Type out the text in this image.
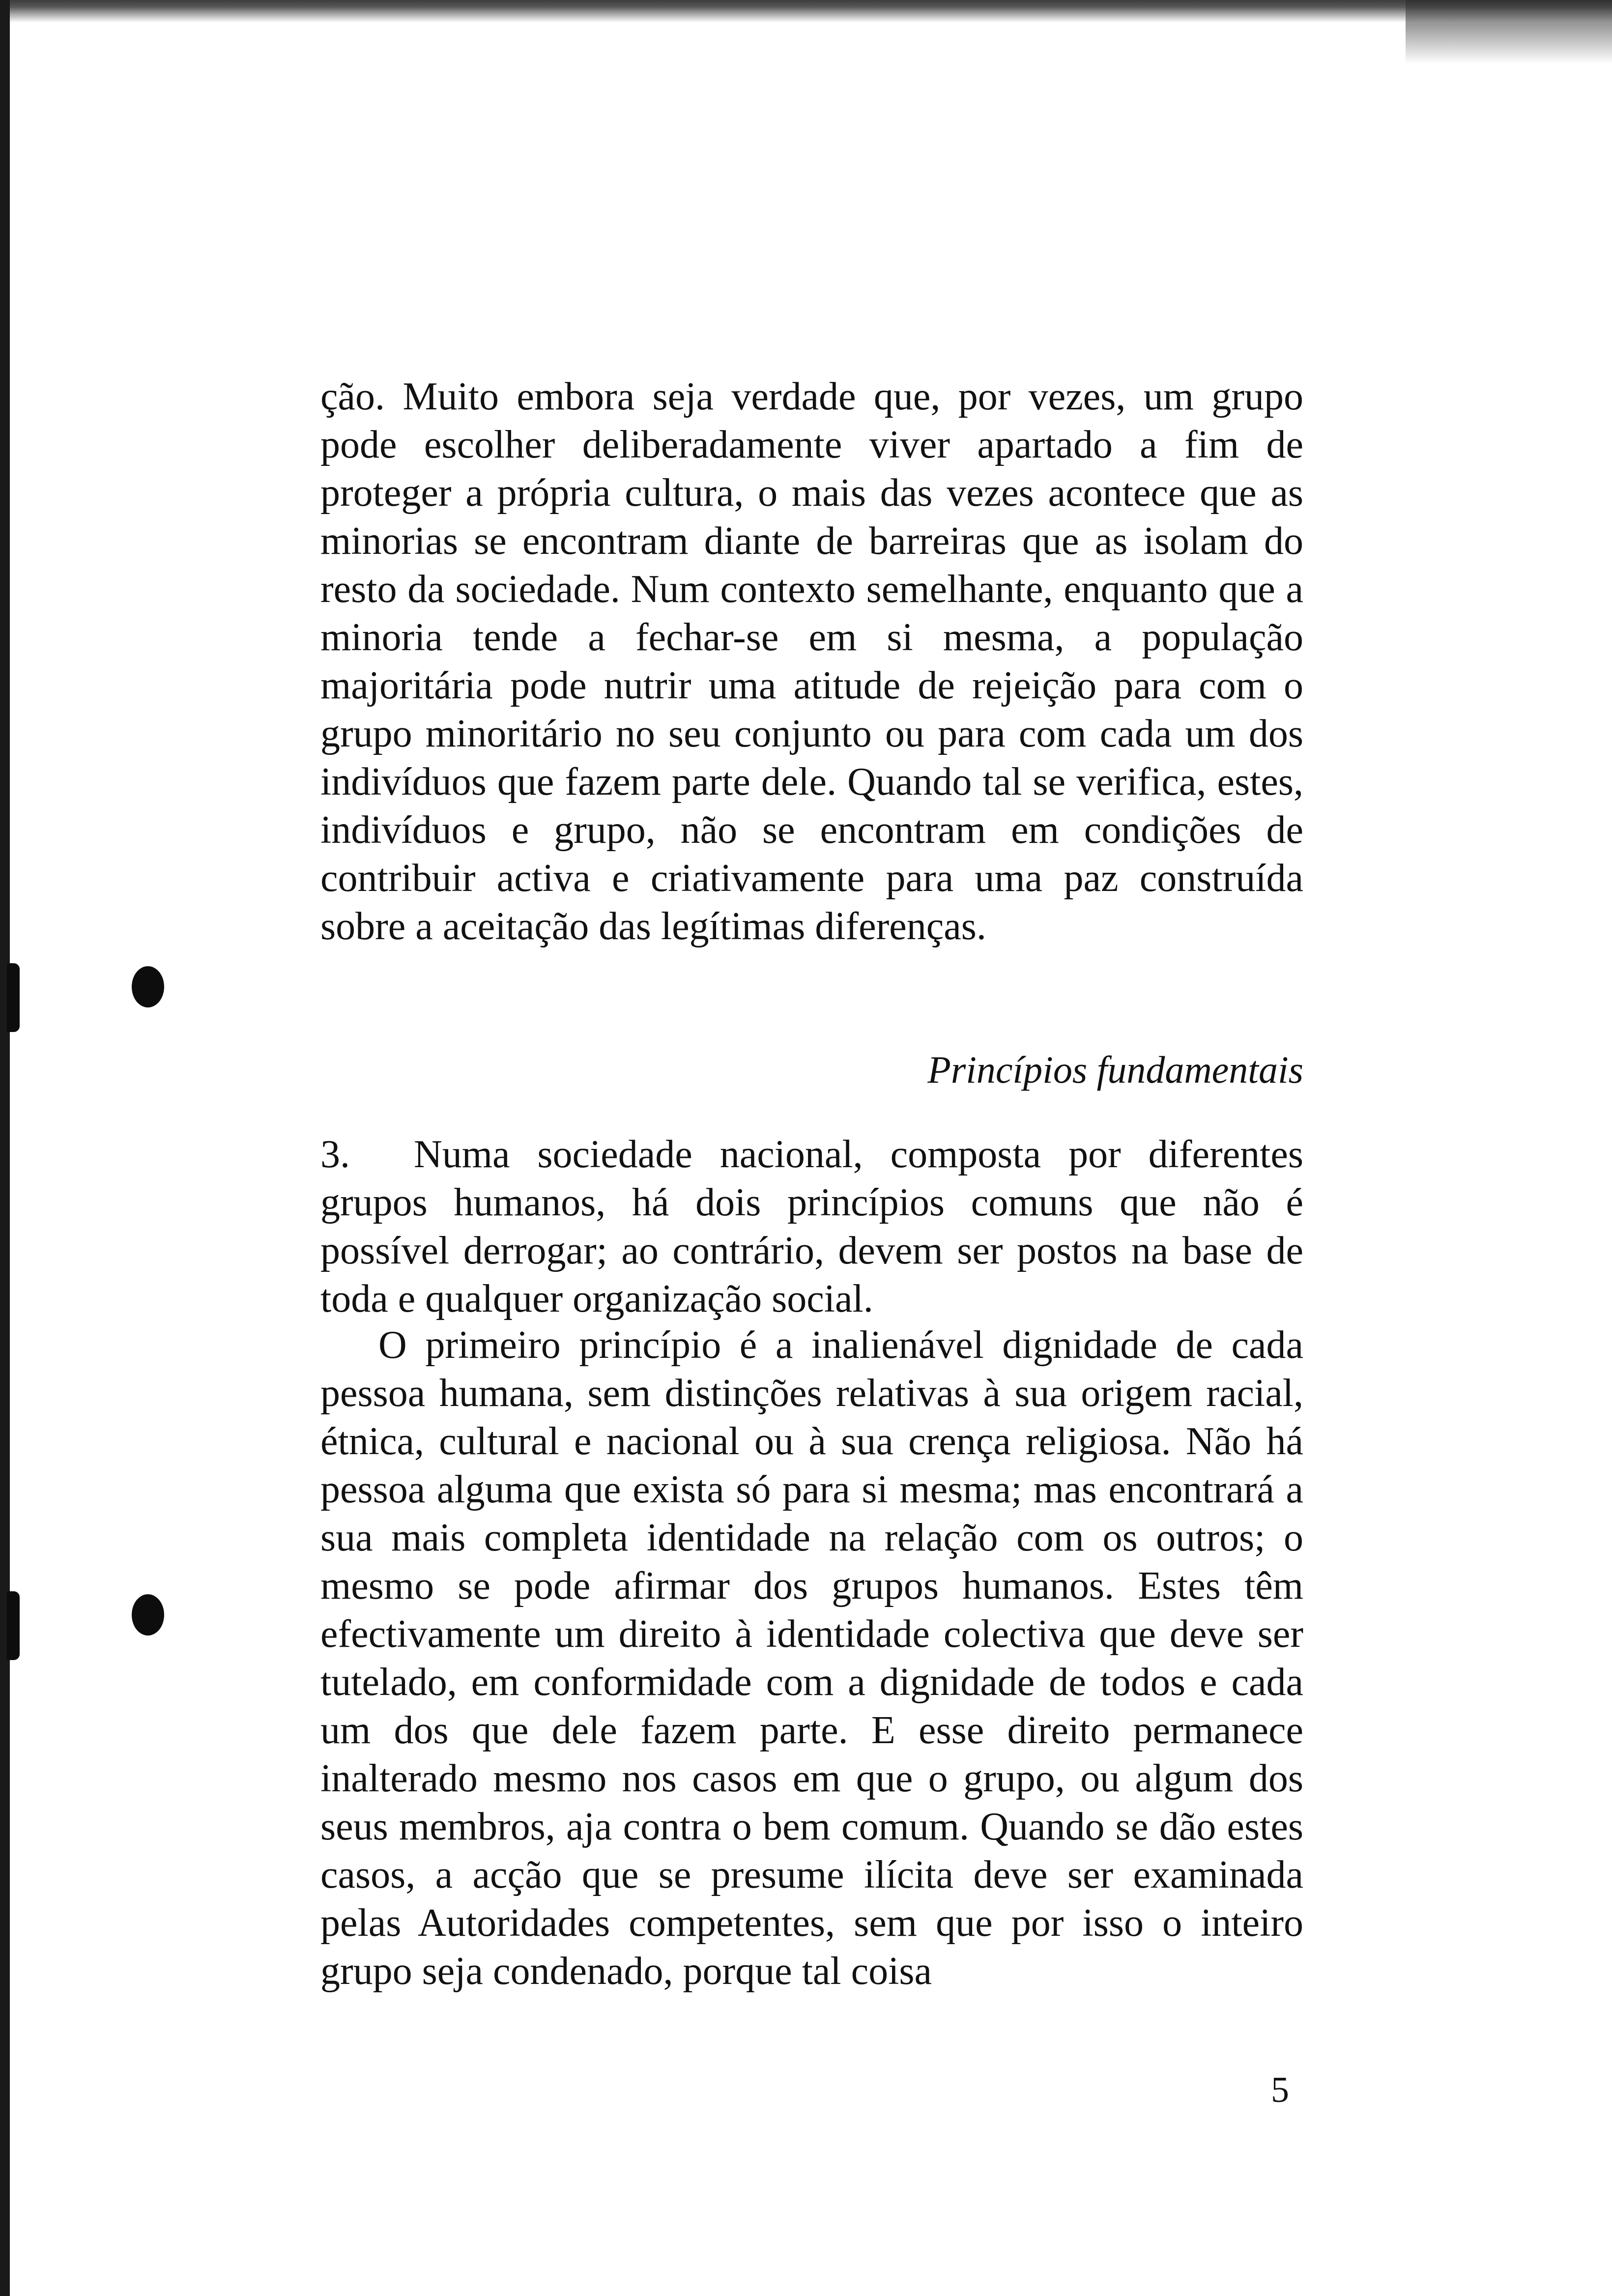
ção. Muito embora seja verdade que, por vezes, um grupo pode escolher deliberadamente viver apartado a fim de proteger a própria cultura, o mais das vezes acontece que as minorias se encontram diante de barreiras que as isolam do resto da sociedade. Num contexto semelhante, enquanto que a minoria tende a fechar-se em si mesma, a população majoritária pode nutrir uma atitude de rejeição para com o grupo minoritário no seu conjunto ou para com cada um dos indivíduos que fazem parte dele. Quando tal se verifica, estes, indivíduos e grupo, não se encontram em condições de contribuir activa e criativamente para uma paz construída sobre a aceitação das legítimas diferenças.

Princípios fundamentais

3. Numa sociedade nacional, composta por diferentes grupos humanos, há dois princípios comuns que não é possível derrogar; ao contrário, devem ser postos na base de toda e qualquer organização social.

O primeiro princípio é a inalienável dignidade de cada pessoa humana, sem distinções relativas à sua origem racial, étnica, cultural e nacional ou à sua crença religiosa. Não há pessoa alguma que exista só para si mesma; mas encontrará a sua mais completa identidade na relação com os outros; o mesmo se pode afirmar dos grupos humanos. Estes têm efectivamente um direito à identidade colectiva que deve ser tutelado, em conformidade com a dignidade de todos e cada um dos que dele fazem parte. E esse direito permanece inalterado mesmo nos casos em que o grupo, ou algum dos seus membros, aja contra o bem comum. Quando se dão estes casos, a acção que se presume ilícita deve ser examinada pelas Autoridades competentes, sem que por isso o inteiro grupo seja condenado, porque tal coisa

5
